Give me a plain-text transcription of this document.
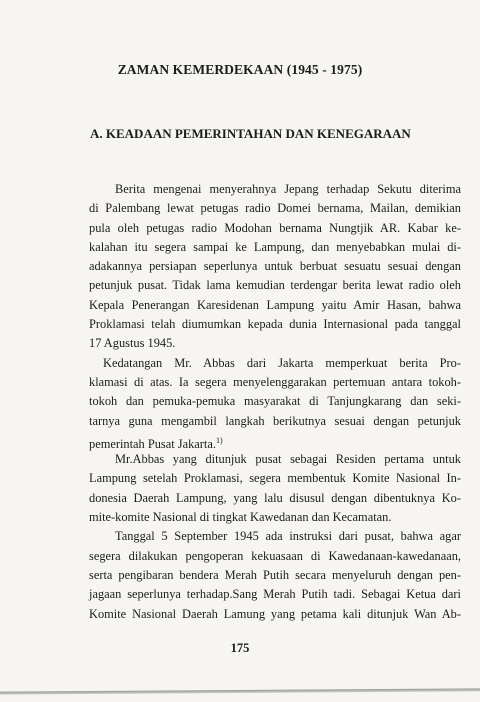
ZAMAN KEMERDEKAAN (1945 - 1975)
A. KEADAAN PEMERINTAHAN DAN KENEGARAAN
Berita mengenai menyerahnya Jepang terhadap Sekutu diterima
di Palembang lewat petugas radio Domei bernama, Mailan, demikian
pula oleh petugas radio Modohan bernama Nungtjik AR. Kabar ke-
kalahan itu segera sampai ke Lampung, dan menyebabkan mulai di-
adakannya persiapan seperlunya untuk berbuat sesuatu sesuai dengan
petunjuk pusat. Tidak lama kemudian terdengar berita lewat radio oleh
Kepala Penerangan Karesidenan Lampung yaitu Amir Hasan, bahwa
Proklamasi telah diumumkan kepada dunia Internasional pada tanggal
17 Agustus 1945.
Kedatangan Mr. Abbas dari Jakarta memperkuat berita Pro-
klamasi di atas. Ia segera menyelenggarakan pertemuan antara tokoh-
tokoh dan pemuka-pemuka masyarakat di Tanjungkarang dan seki-
tarnya guna mengambil langkah berikutnya sesuai dengan petunjuk
pemerintah Pusat Jakarta.$^{1)}$
Mr.Abbas yang ditunjuk pusat sebagai Residen pertama untuk
Lampung setelah Proklamasi, segera membentuk Komite Nasional In-
donesia Daerah Lampung, yang lalu disusul dengan dibentuknya Ko-
mite-komite Nasional di tingkat Kawedanan dan Kecamatan.
Tanggal 5 September 1945 ada instruksi dari pusat, bahwa agar
segera dilakukan pengoperan kekuasaan di Kawedanaan-kawedanaan,
serta pengibaran bendera Merah Putih secara menyeluruh dengan pen-
jagaan seperlunya terhadap.Sang Merah Putih tadi. Sebagai Ketua dari
Komite Nasional Daerah Lamung yang petama kali ditunjuk Wan Ab-
175
